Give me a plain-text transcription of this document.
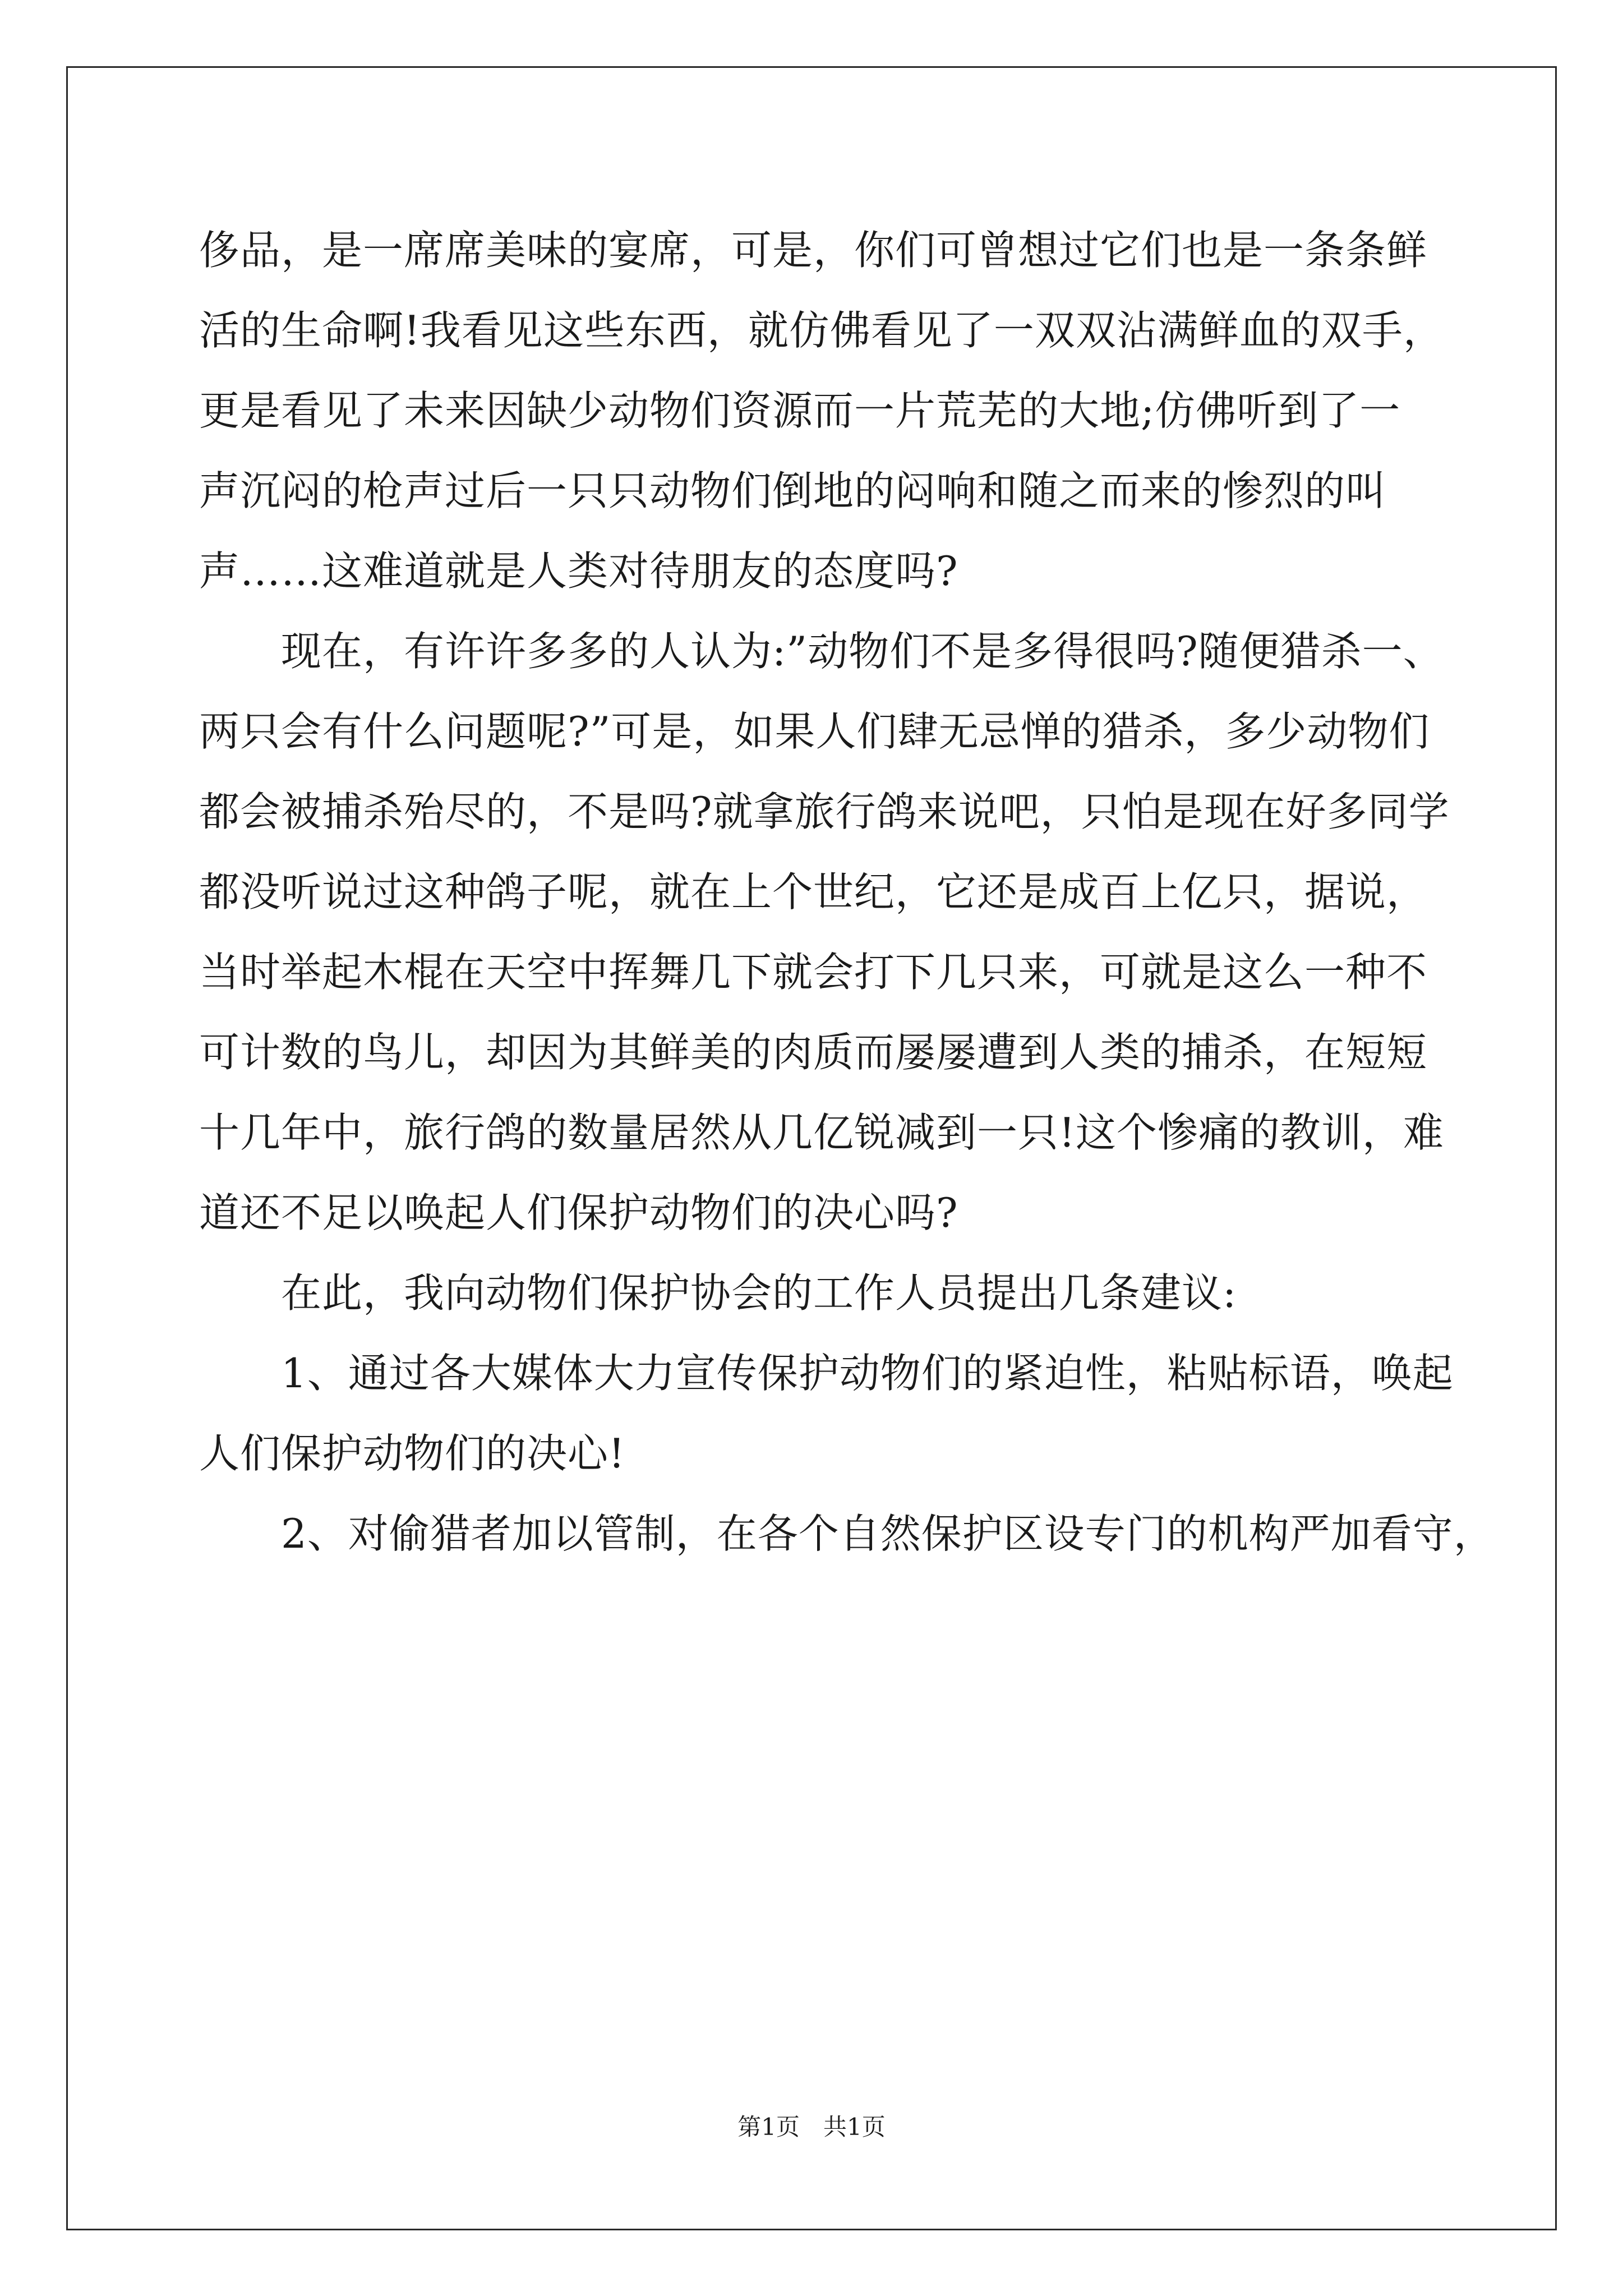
侈品，是一席席美味的宴席，可是，你们可曾想过它们也是一条条鲜
活的生命啊!我看见这些东西，就仿佛看见了一双双沾满鲜血的双手，
更是看见了未来因缺少动物们资源而一片荒芜的大地;仿佛听到了一
声沉闷的枪声过后一只只动物们倒地的闷响和随之而来的惨烈的叫
声……这难道就是人类对待朋友的态度吗?
　　现在，有许许多多的人认为:”动物们不是多得很吗?随便猎杀一、
两只会有什么问题呢?”可是，如果人们肆无忌惮的猎杀，多少动物们
都会被捕杀殆尽的，不是吗?就拿旅行鸽来说吧，只怕是现在好多同学
都没听说过这种鸽子呢，就在上个世纪，它还是成百上亿只，据说，
当时举起木棍在天空中挥舞几下就会打下几只来，可就是这么一种不
可计数的鸟儿，却因为其鲜美的肉质而屡屡遭到人类的捕杀，在短短
十几年中，旅行鸽的数量居然从几亿锐减到一只!这个惨痛的教训，难
道还不足以唤起人们保护动物们的决心吗?
　　在此，我向动物们保护协会的工作人员提出几条建议:
　　1、通过各大媒体大力宣传保护动物们的紧迫性，粘贴标语，唤起
人们保护动物们的决心!
　　2、对偷猎者加以管制，在各个自然保护区设专门的机构严加看守，
第1页　共1页
